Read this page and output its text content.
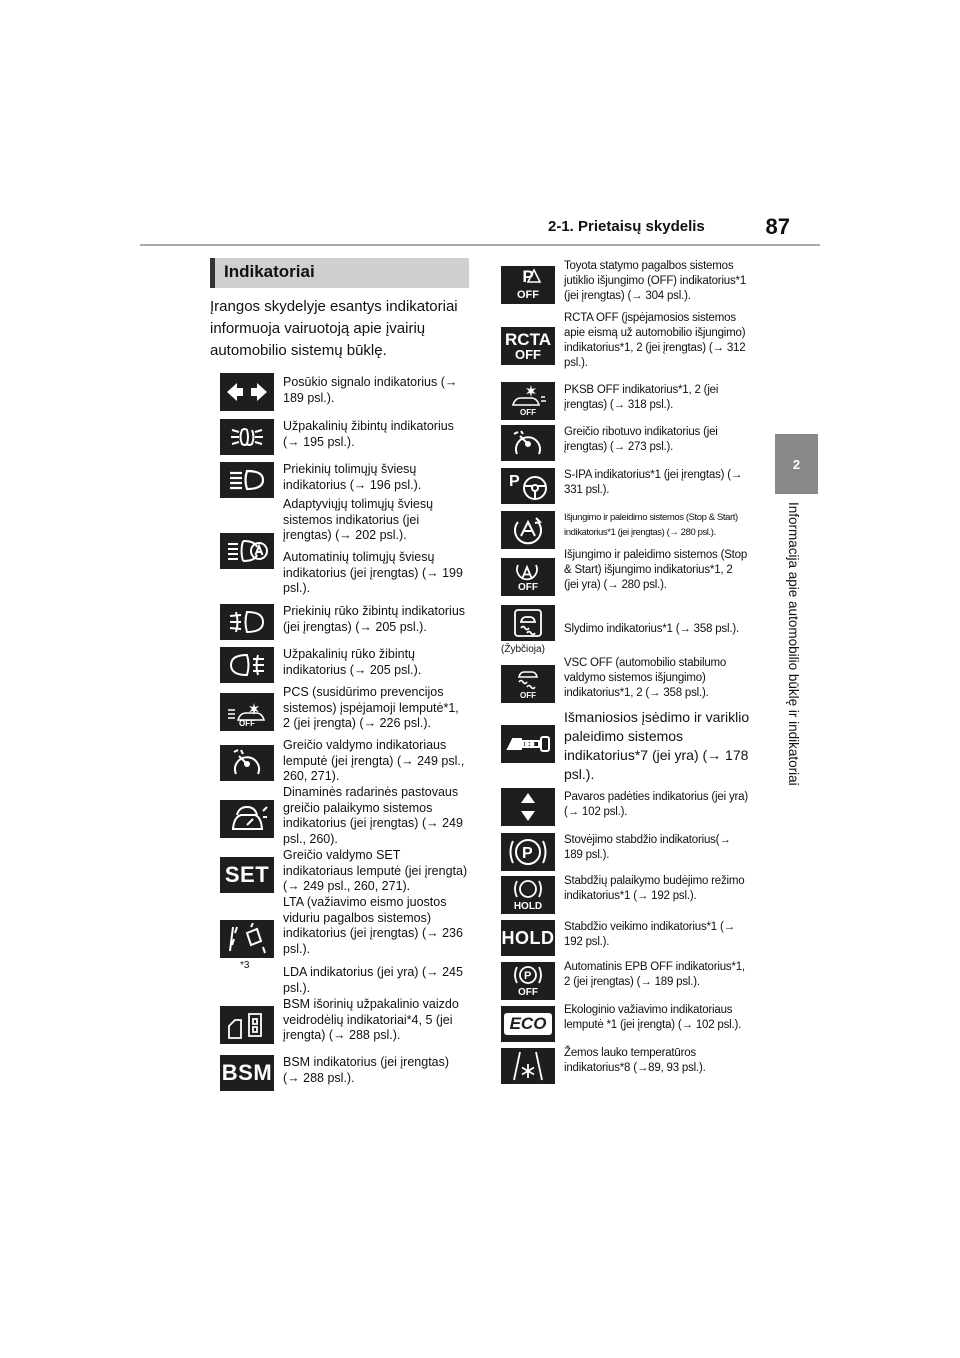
2-1. Prietaisų skydelis	87
2
Informacija apie automobilio būklę ir indikatoriai
Indikatoriai
Įrangos skydelyje esantys indikatoriai informuoja vairuotoją apie įvairių automobilio sistemų būklę.
Posūkio signalo indikatorius (→ 189 psl.).
Užpakalinių žibintų indikatorius (→ 195 psl.).
Priekinių tolimųjų šviesų indikatorius (→ 196 psl.).
Adaptyviųjų tolimųjų šviesų sistemos indikatorius (jei įrengtas) (→ 202 psl.).
Automatinių tolimųjų šviesų indikatorius (jei įrengtas) (→ 199 psl.).
Priekinių rūko žibintų indikatorius (jei įrengtas) (→ 205 psl.).
Užpakalinių rūko žibintų indikatorius (→ 205 psl.).
OFF
PCS (susidūrimo prevencijos sistemos) įspėjamoji lemputė*1, 2 (jei įrengta) (→ 226 psl.).
Greičio valdymo indikatoriaus lemputė (jei įrengta) (→ 249 psl., 260, 271).
Dinaminės radarinės pastovaus greičio palaikymo sistemos indikatorius (jei įrengtas) (→ 249 psl., 260).
SET
Greičio valdymo SET indikatoriaus lemputė (jei įrengta) (→ 249 psl., 260, 271).
*3
LTA (važiavimo eismo juostos viduriu pagalbos sistemos) indikatorius (jei įrengtas) (→ 236 psl.).
LDA indikatorius (jei yra) (→ 245 psl.).
BSM išorinių užpakalinio vaizdo veidrodėlių indikatoriai*4, 5 (jei įrengta) (→ 288 psl.).
BSM BSM indikatorius (jei įrengtas) (→ 288 psl.).
P
OFF
Toyota statymo pagalbos sistemos jutiklio išjungimo (OFF) indikatorius*1 (jei įrengtas) (→ 304 psl.).
RCTA
OFF
RCTA OFF (įspėjamosios sistemos apie eismą už automobilio išjungimo) indikatorius*1, 2 (jei įrengtas) (→ 312 psl.).
OFF
PKSB OFF indikatorius*1, 2 (jei įrengtas) (→ 318 psl.).
Greičio ribotuvo indikatorius (jei įrengtas) (→ 273 psl.).
P	S-IPA indikatorius*1 (jei įrengtas) (→ 331 psl.).
Išjungimo ir paleidimo sistemos (Stop & Start) indikatorius*1 (jei įrengtas) (→ 280 psl.).
OFF
Išjungimo ir paleidimo sistemos (Stop & Start) išjungimo indikatorius*1, 2 (jei yra) (→ 280 psl.).
(Žybčioja)
Slydimo indikatorius*1 (→ 358 psl.).
OFF
VSC OFF (automobilio stabilumo valdymo sistemos išjungimo) indikatorius*1, 2 (→ 358 psl.).
Išmaniosios įsėdimo ir variklio paleidimo sistemos indikatorius*7 (jei yra) (→ 178 psl.).
Pavaros padėties indikatorius (jei yra) (→ 102 psl.).
P
Stovėjimo stabdžio indikatorius(→ 189 psl.).
HOLD
Stabdžių palaikymo budėjimo režimo indikatorius*1 (→ 192 psl.).
HOLD
Stabdžio veikimo indikatorius*1 (→ 192 psl.).
P
OFF
Automatinis EPB OFF indikatorius*1, 2 (jei įrengtas) (→ 189 psl.).
ECO
Ekologinio važiavimo indikatoriaus lemputė *1 (jei įrengta) (→ 102 psl.).
Žemos lauko temperatūros indikatorius*8 (→89, 93 psl.).
